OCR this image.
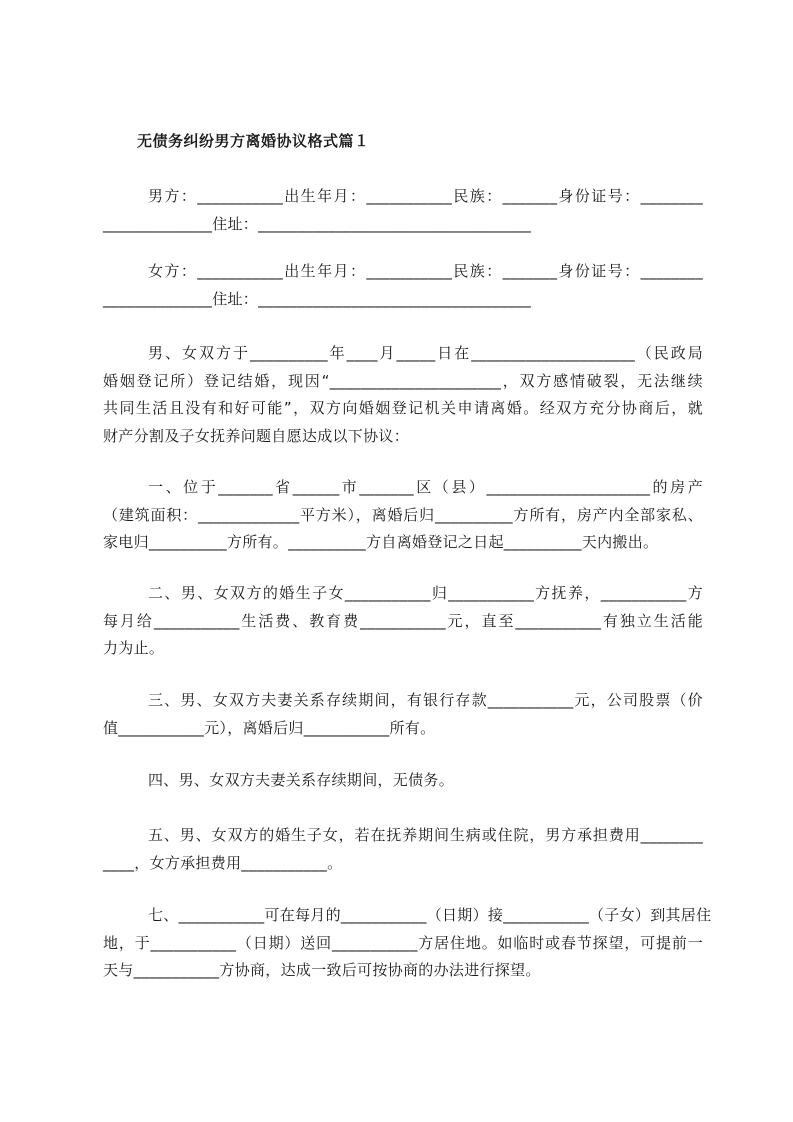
无债务纠纷男方离婚协议格式篇１
男方：___________出生年月：___________民族：_______身份证号：________
______________住址：___________________________________
女方：___________出生年月：___________民族：_______身份证号：________
______________住址：___________________________________
男、女双方于__________年____月_____日在_____________________（民政局
婚姻登记所）登记结婚，现因“______________________，双方感情破裂，无法继续
共同生活且没有和好可能”，双方向婚姻登记机关申请离婚。经双方充分协商后，就
财产分割及子女抚养问题自愿达成以下协议：
一、位于_______省______市_______区（县）_____________________的房产
（建筑面积：_____________平方米），离婚后归__________方所有，房产内全部家私、
家电归__________方所有。__________方自离婚登记之日起__________天内搬出。
二、男、女双方的婚生子女___________归___________方抚养，___________方
每月给___________生活费、教育费___________元，直至___________有独立生活能
力为止。
三、男、女双方夫妻关系存续期间，有银行存款___________元，公司股票（价
值___________元），离婚后归___________所有。
四、男、女双方夫妻关系存续期间，无债务。
五、男、女双方的婚生子女，若在抚养期间生病或住院，男方承担费用________
____，女方承担费用___________。
七、___________可在每月的___________（日期）接___________（子女）到其居住
地，于___________（日期）送回___________方居住地。如临时或春节探望，可提前一
天与___________方协商，达成一致后可按协商的办法进行探望。
